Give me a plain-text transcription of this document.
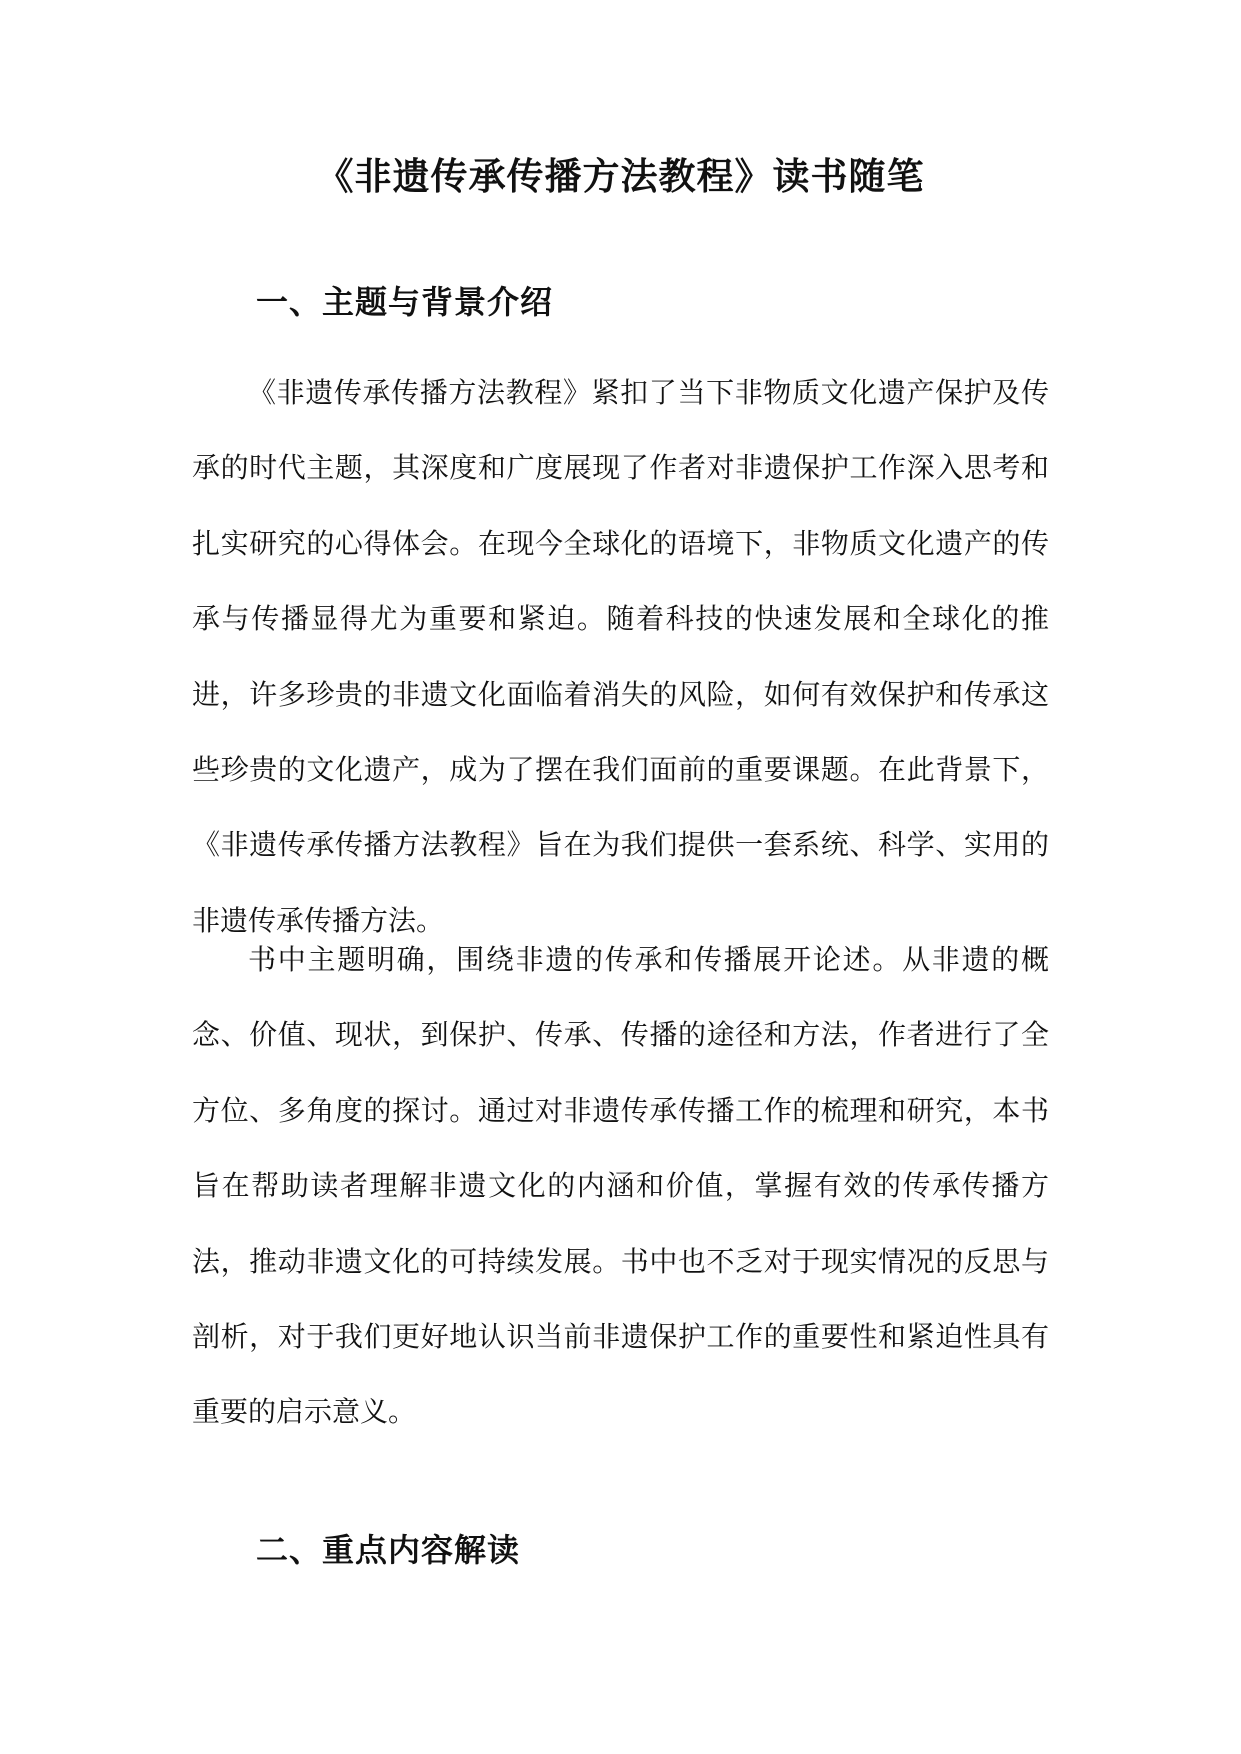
《非遗传承传播方法教程》读书随笔
一、主题与背景介绍

《非遗传承传播方法教程》紧扣了当下非物质文化遗产保护及传承的时代主题，其深度和广度展现了作者对非遗保护工作深入思考和扎实研究的心得体会。在现今全球化的语境下，非物质文化遗产的传承与传播显得尤为重要和紧迫。随着科技的快速发展和全球化的推进，许多珍贵的非遗文化面临着消失的风险，如何有效保护和传承这些珍贵的文化遗产，成为了摆在我们面前的重要课题。在此背景下，《非遗传承传播方法教程》旨在为我们提供一套系统、科学、实用的非遗传承传播方法。

书中主题明确，围绕非遗的传承和传播展开论述。从非遗的概念、价值、现状，到保护、传承、传播的途径和方法，作者进行了全方位、多角度的探讨。通过对非遗传承传播工作的梳理和研究，本书旨在帮助读者理解非遗文化的内涵和价值，掌握有效的传承传播方法，推动非遗文化的可持续发展。书中也不乏对于现实情况的反思与剖析，对于我们更好地认识当前非遗保护工作的重要性和紧迫性具有重要的启示意义。

二、重点内容解读
